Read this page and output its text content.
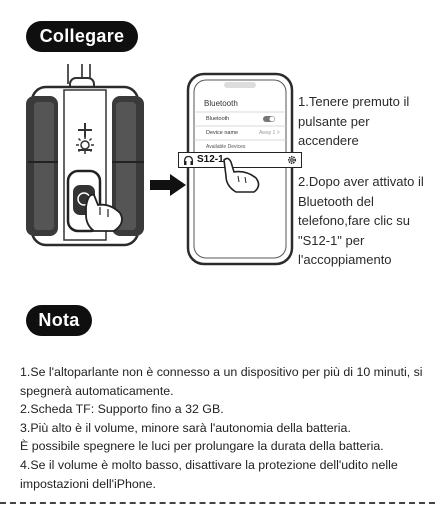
Collegare
Nota
Bluetooth
Bluetooth
Device name	Away 1 >
Available Devices
S12-1
1.Tenere premuto il pulsante per accendere
2.Dopo aver attivato il Bluetooth del telefono,fare clic su "S12-1" per l'accoppiamento
1.Se l'altoparlante non è connesso a un dispositivo per più di 10 minuti, si spegnerà automaticamente.
2.Scheda TF: Supporto fino a 32 GB.
3.Più alto è il volume, minore sarà l'autonomia della batteria.
È possibile spegnere le luci per prolungare la durata della batteria.
4.Se il volume è molto basso, disattivare la protezione dell'udito nelle impostazioni dell'iPhone.
